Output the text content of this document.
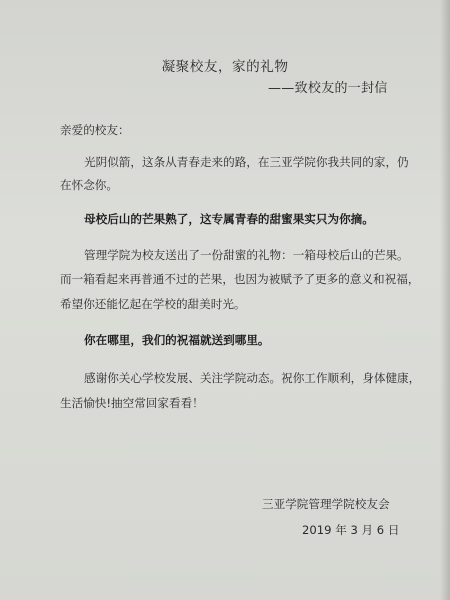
凝聚校友，家的礼物
——致校友的一封信
亲爱的校友：
光阴似箭，这条从青春走来的路，在三亚学院你我共同的家，仍
在怀念你。
母校后山的芒果熟了，这专属青春的甜蜜果实只为你摘。
管理学院为校友送出了一份甜蜜的礼物：一箱母校后山的芒果。
而一箱看起来再普通不过的芒果，也因为被赋予了更多的意义和祝福，
希望你还能忆起在学校的甜美时光。
你在哪里，我们的祝福就送到哪里。
感谢你关心学校发展、关注学院动态。祝你工作顺利，身体健康，
生活愉快!抽空常回家看看！
三亚学院管理学院校友会
2019 年 3 月 6 日
